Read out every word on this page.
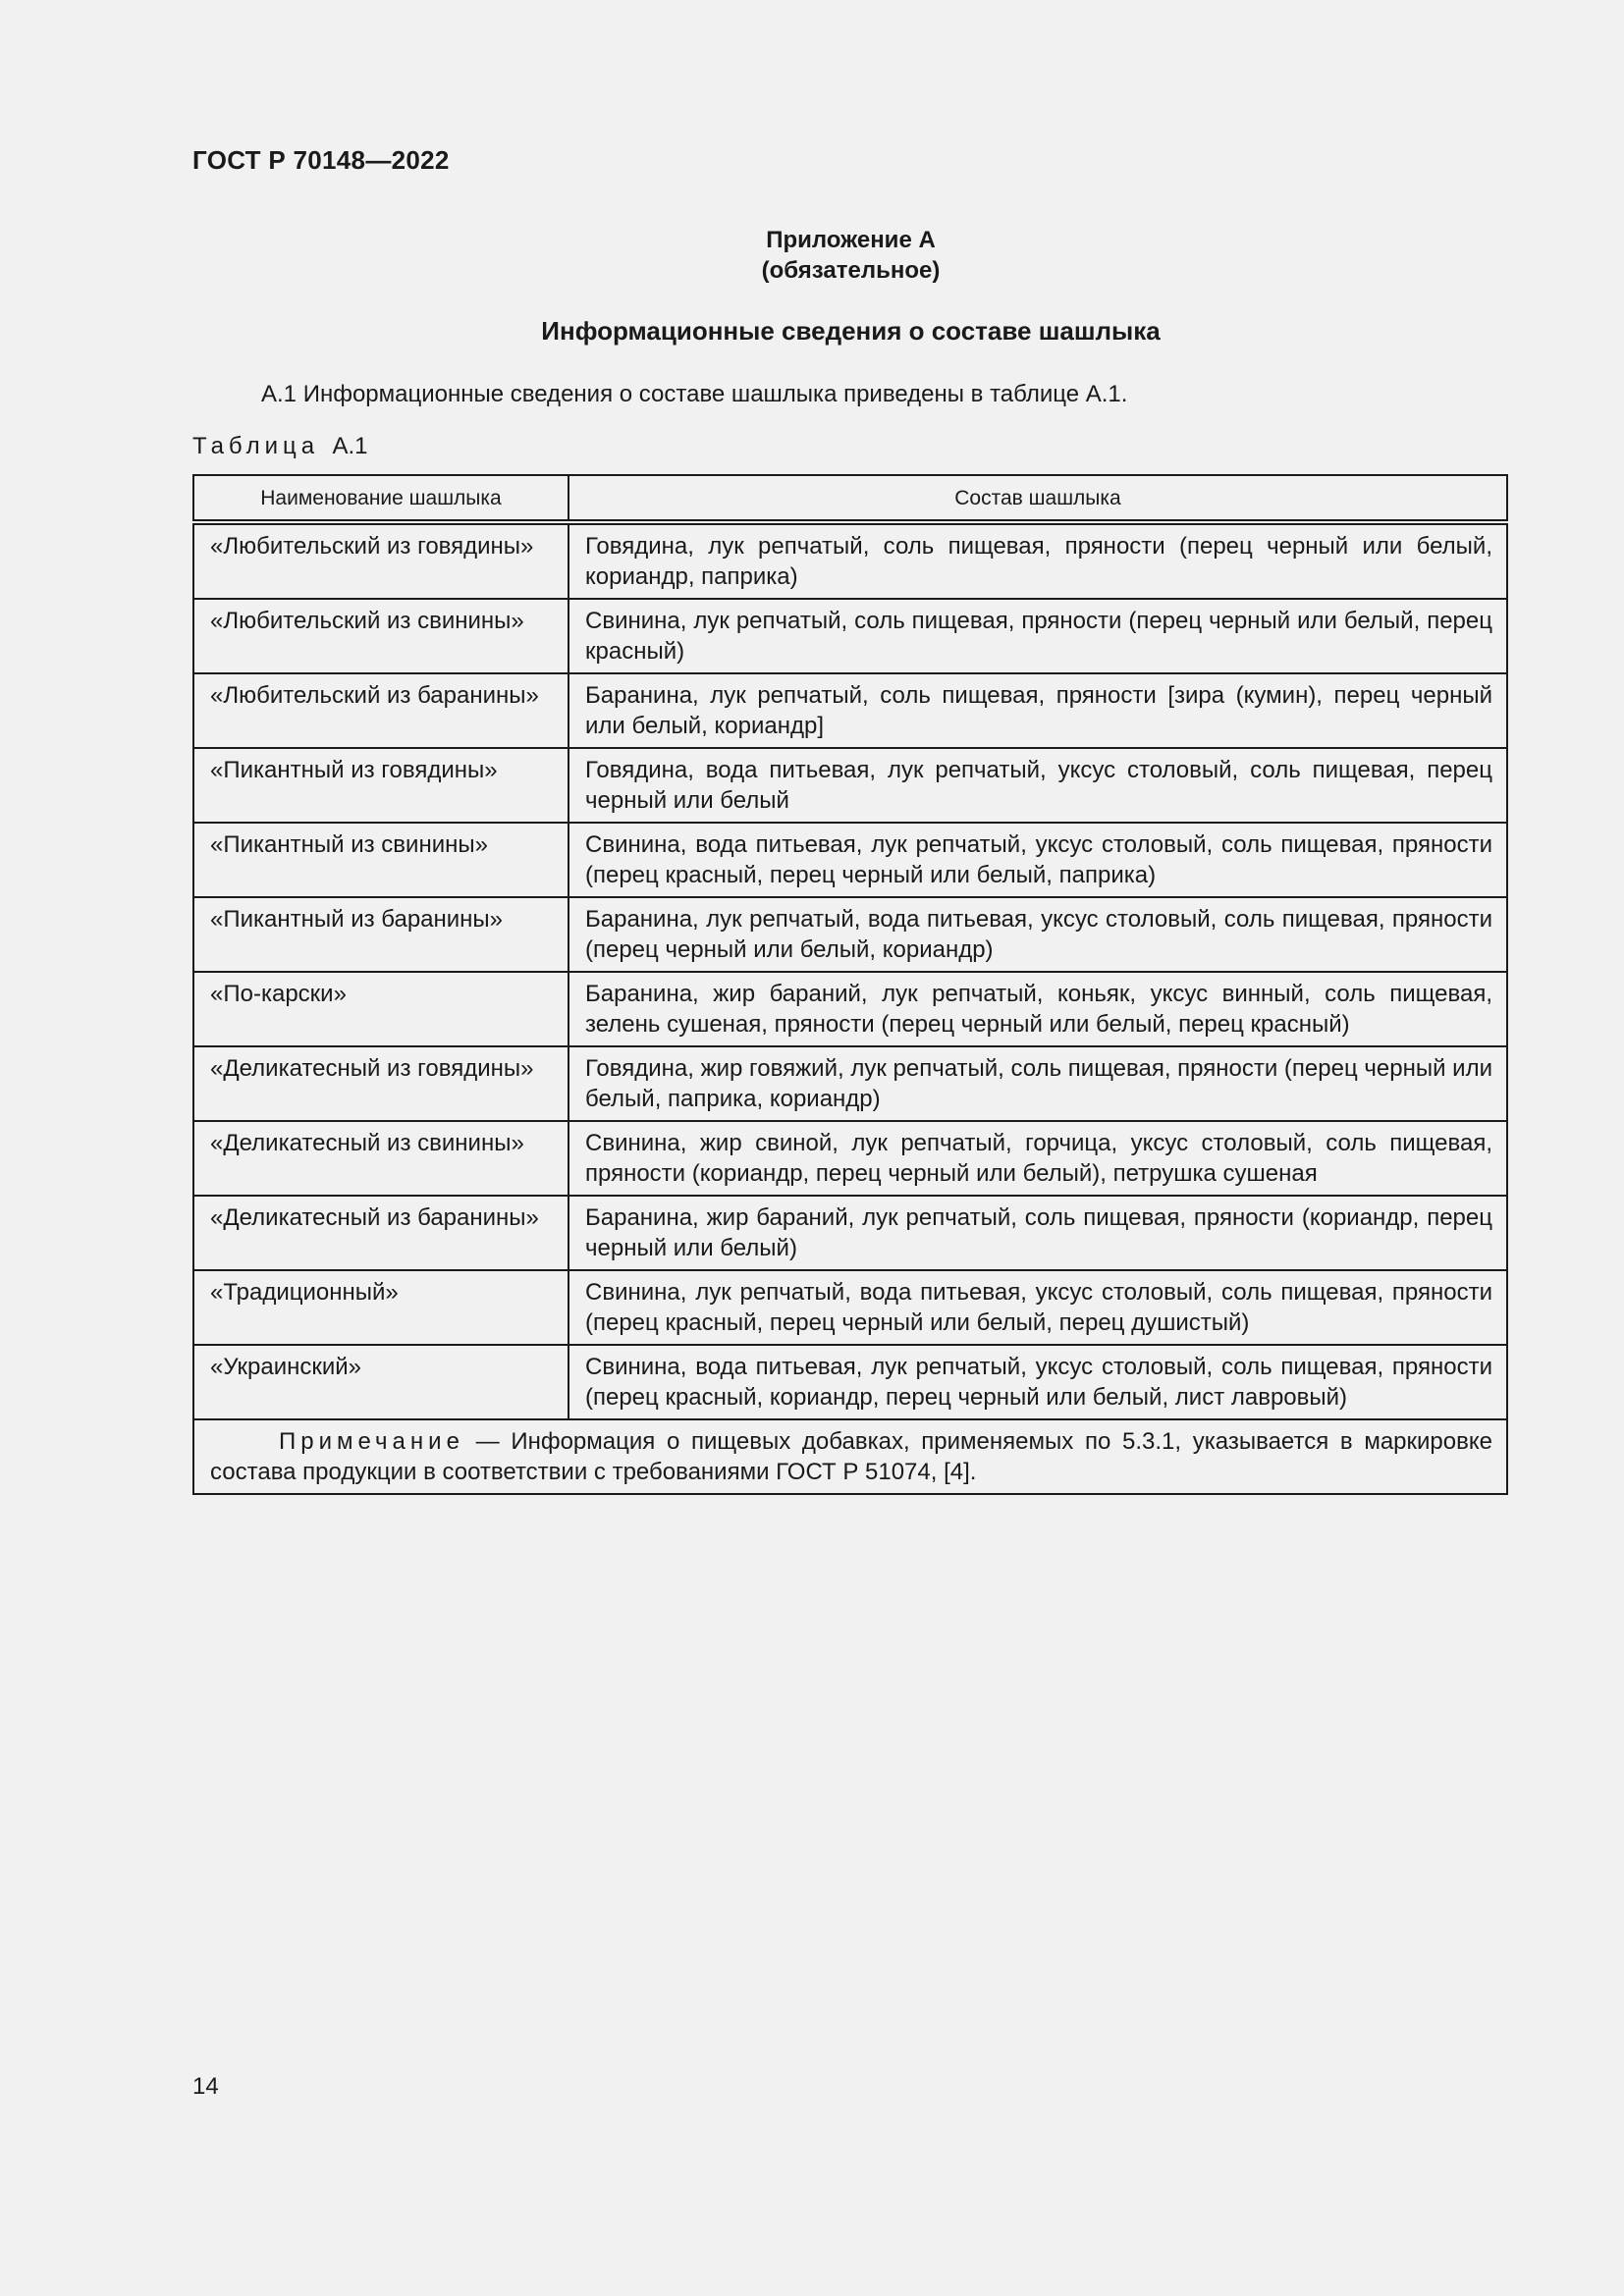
ГОСТ Р 70148—2022
Приложение А
(обязательное)
Информационные сведения о составе шашлыка
А.1 Информационные сведения о составе шашлыка приведены в таблице А.1.
Таблица А.1
Наименование шашлыка	Состав шашлыка
«Любительский из говядины»	Говядина, лук репчатый, соль пищевая, пряности (перец черный или белый, кориандр, паприка)
«Любительский из свинины»	Свинина, лук репчатый, соль пищевая, пряности (перец черный или белый, перец красный)
«Любительский из баранины»	Баранина, лук репчатый, соль пищевая, пряности [зира (кумин), перец черный или белый, кориандр]
«Пикантный из говядины»	Говядина, вода питьевая, лук репчатый, уксус столовый, соль пищевая, перец черный или белый
«Пикантный из свинины»	Свинина, вода питьевая, лук репчатый, уксус столовый, соль пищевая, пряности (перец красный, перец черный или белый, паприка)
«Пикантный из баранины»	Баранина, лук репчатый, вода питьевая, уксус столовый, соль пищевая, пряности (перец черный или белый, кориандр)
«По-карски»	Баранина, жир бараний, лук репчатый, коньяк, уксус винный, соль пищевая, зелень сушеная, пряности (перец черный или белый, перец красный)
«Деликатесный из говядины»	Говядина, жир говяжий, лук репчатый, соль пищевая, пряности (перец черный или белый, паприка, кориандр)
«Деликатесный из свинины»	Свинина, жир свиной, лук репчатый, горчица, уксус столовый, соль пищевая, пряности (кориандр, перец черный или белый), петрушка сушеная
«Деликатесный из баранины»	Баранина, жир бараний, лук репчатый, соль пищевая, пряности (кориандр, перец черный или белый)
«Традиционный»	Свинина, лук репчатый, вода питьевая, уксус столовый, соль пищевая, пряности (перец красный, перец черный или белый, перец душистый)
«Украинский»	Свинина, вода питьевая, лук репчатый, уксус столовый, соль пищевая, пряности (перец красный, кориандр, перец черный или белый, лист лавровый)
Примечание — Информация о пищевых добавках, применяемых по 5.3.1, указывается в маркировке состава продукции в соответствии с требованиями ГОСТ Р 51074, [4].	
14
